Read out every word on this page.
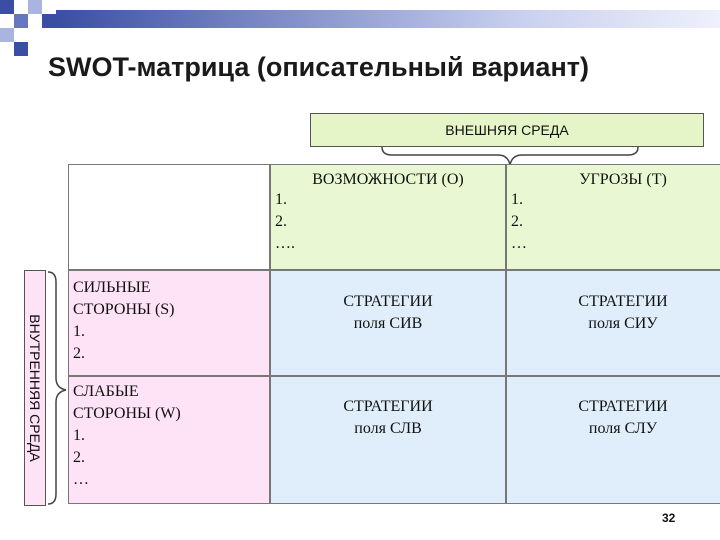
SWOT-матрица (описательный вариант)
ВНЕШНЯЯ СРЕДА
ВНУТРЕННЯЯ СРЕДА
ВОЗМОЖНОСТИ (О)
1.
2.
….
УГРОЗЫ (Т)
1.
2.
…
СИЛЬНЫЕ
СТОРОНЫ (S)
1.
2.
СТРАТЕГИИ
поля СИВ
СТРАТЕГИИ
поля СИУ
СЛАБЫЕ
СТОРОНЫ (W)
1.
2.
…
СТРАТЕГИИ
поля СЛВ
СТРАТЕГИИ
поля СЛУ
32
